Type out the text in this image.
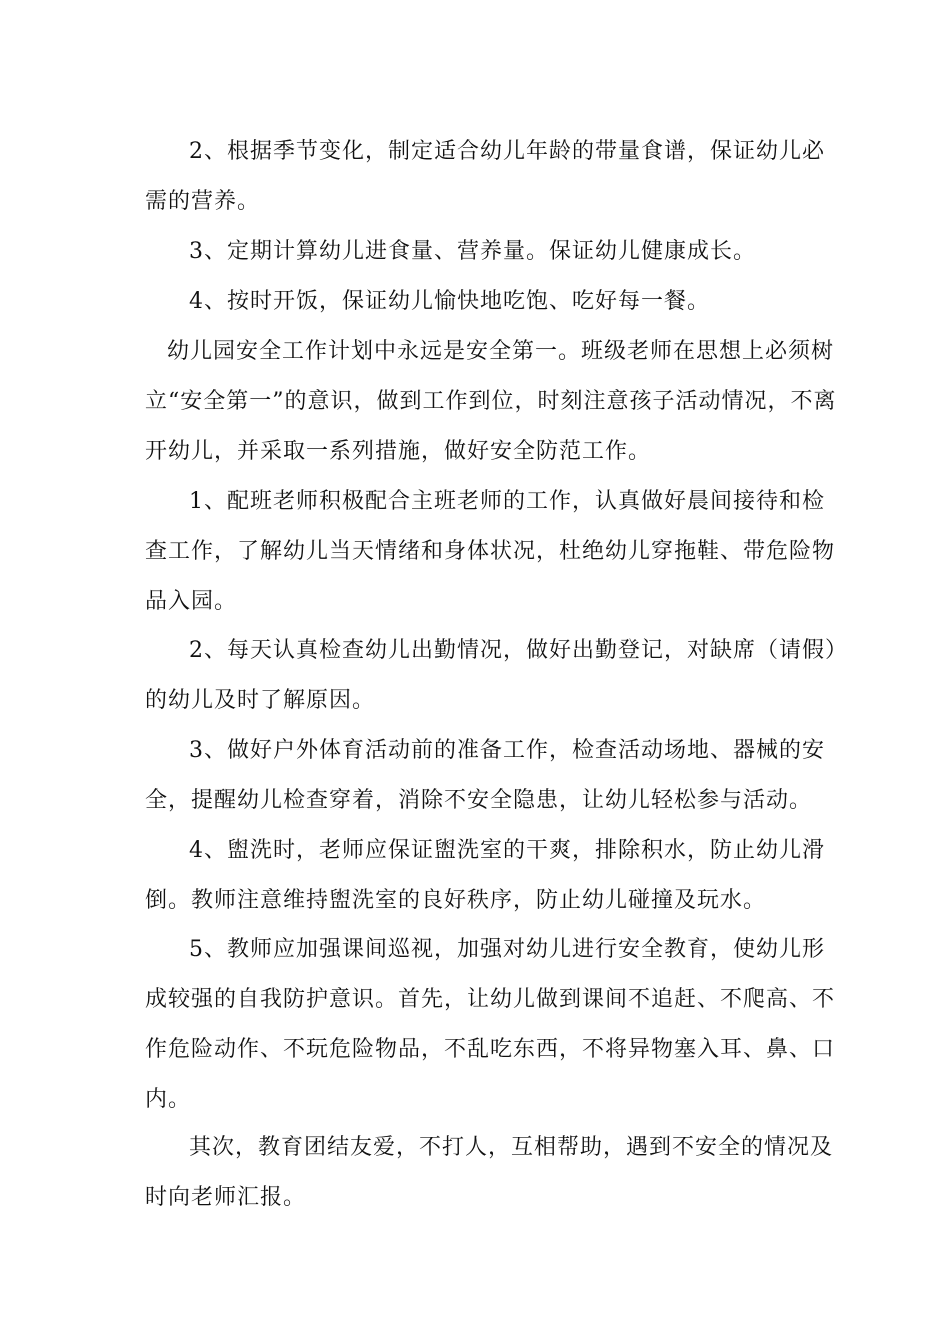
2、根据季节变化，制定适合幼儿年龄的带量食谱，保证幼儿必需的营养。

3、定期计算幼儿进食量、营养量。保证幼儿健康成长。

4、按时开饭，保证幼儿愉快地吃饱、吃好每一餐。

幼儿园安全工作计划中永远是安全第一。班级老师在思想上必须树立“安全第一”的意识，做到工作到位，时刻注意孩子活动情况，不离开幼儿，并采取一系列措施，做好安全防范工作。

1、配班老师积极配合主班老师的工作，认真做好晨间接待和检查工作，了解幼儿当天情绪和身体状况，杜绝幼儿穿拖鞋、带危险物品入园。

2、每天认真检查幼儿出勤情况，做好出勤登记，对缺席（请假）的幼儿及时了解原因。

3、做好户外体育活动前的准备工作，检查活动场地、器械的安全，提醒幼儿检查穿着，消除不安全隐患，让幼儿轻松参与活动。

4、盥洗时，老师应保证盥洗室的干爽，排除积水，防止幼儿滑倒。教师注意维持盥洗室的良好秩序，防止幼儿碰撞及玩水。

5、教师应加强课间巡视，加强对幼儿进行安全教育，使幼儿形成较强的自我防护意识。首先，让幼儿做到课间不追赶、不爬高、不作危险动作、不玩危险物品，不乱吃东西，不将异物塞入耳、鼻、口内。

其次，教育团结友爱，不打人，互相帮助，遇到不安全的情况及时向老师汇报。
